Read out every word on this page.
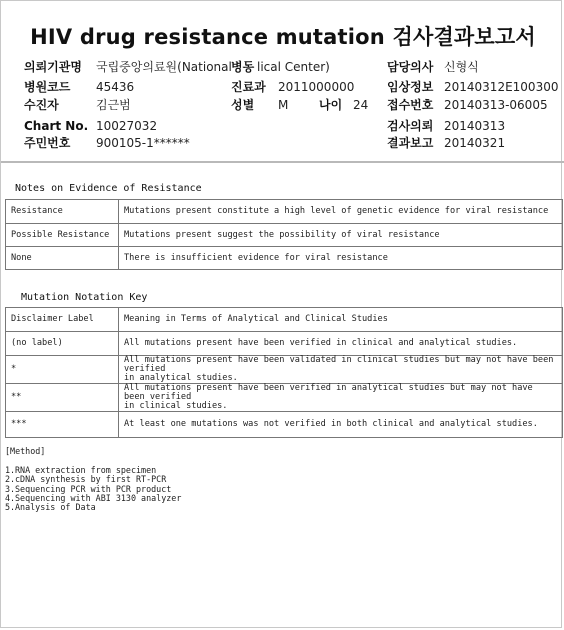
HIV drug resistance mutation 검사결과보고서
의뢰기관명 국립중앙의료원(National 병동 lical Center)	담당의사 신형식
병원코드 45436	진료과 2011000000	임상정보 20140312E100300
수진자	김근범	성별 M	나이 24 접수번호 20140313-06005
Chart No. 10027032	검사의뢰 20140313
주민번호 900105-1******	결과보고 20140321
Notes on Evidence of Resistance
Resistance	Mutations present constitute a high level of genetic evidence for viral resistance
Possible Resistance	Mutations present suggest the possibility of viral resistance
None	There is insufficient evidence for viral resistance
Mutation Notation Key
Disclaimer Label	Meaning in Terms of Analytical and Clinical Studies
(no label)	All mutations present have been verified in clinical and analytical studies.
*	All mutations present have been validated in clinical studies but may not have been verified
in analytical studies.

**	All mutations present have been verified in analytical studies but may not have been verified
in clinical studies.

***	At least one mutations was not verified in both clinical and analytical studies.
[Method]
1.RNA extraction from specimen
2.cDNA synthesis by first RT-PCR
3.Sequencing PCR with PCR product
4.Sequencing with ABI 3130 analyzer
5.Analysis of Data
